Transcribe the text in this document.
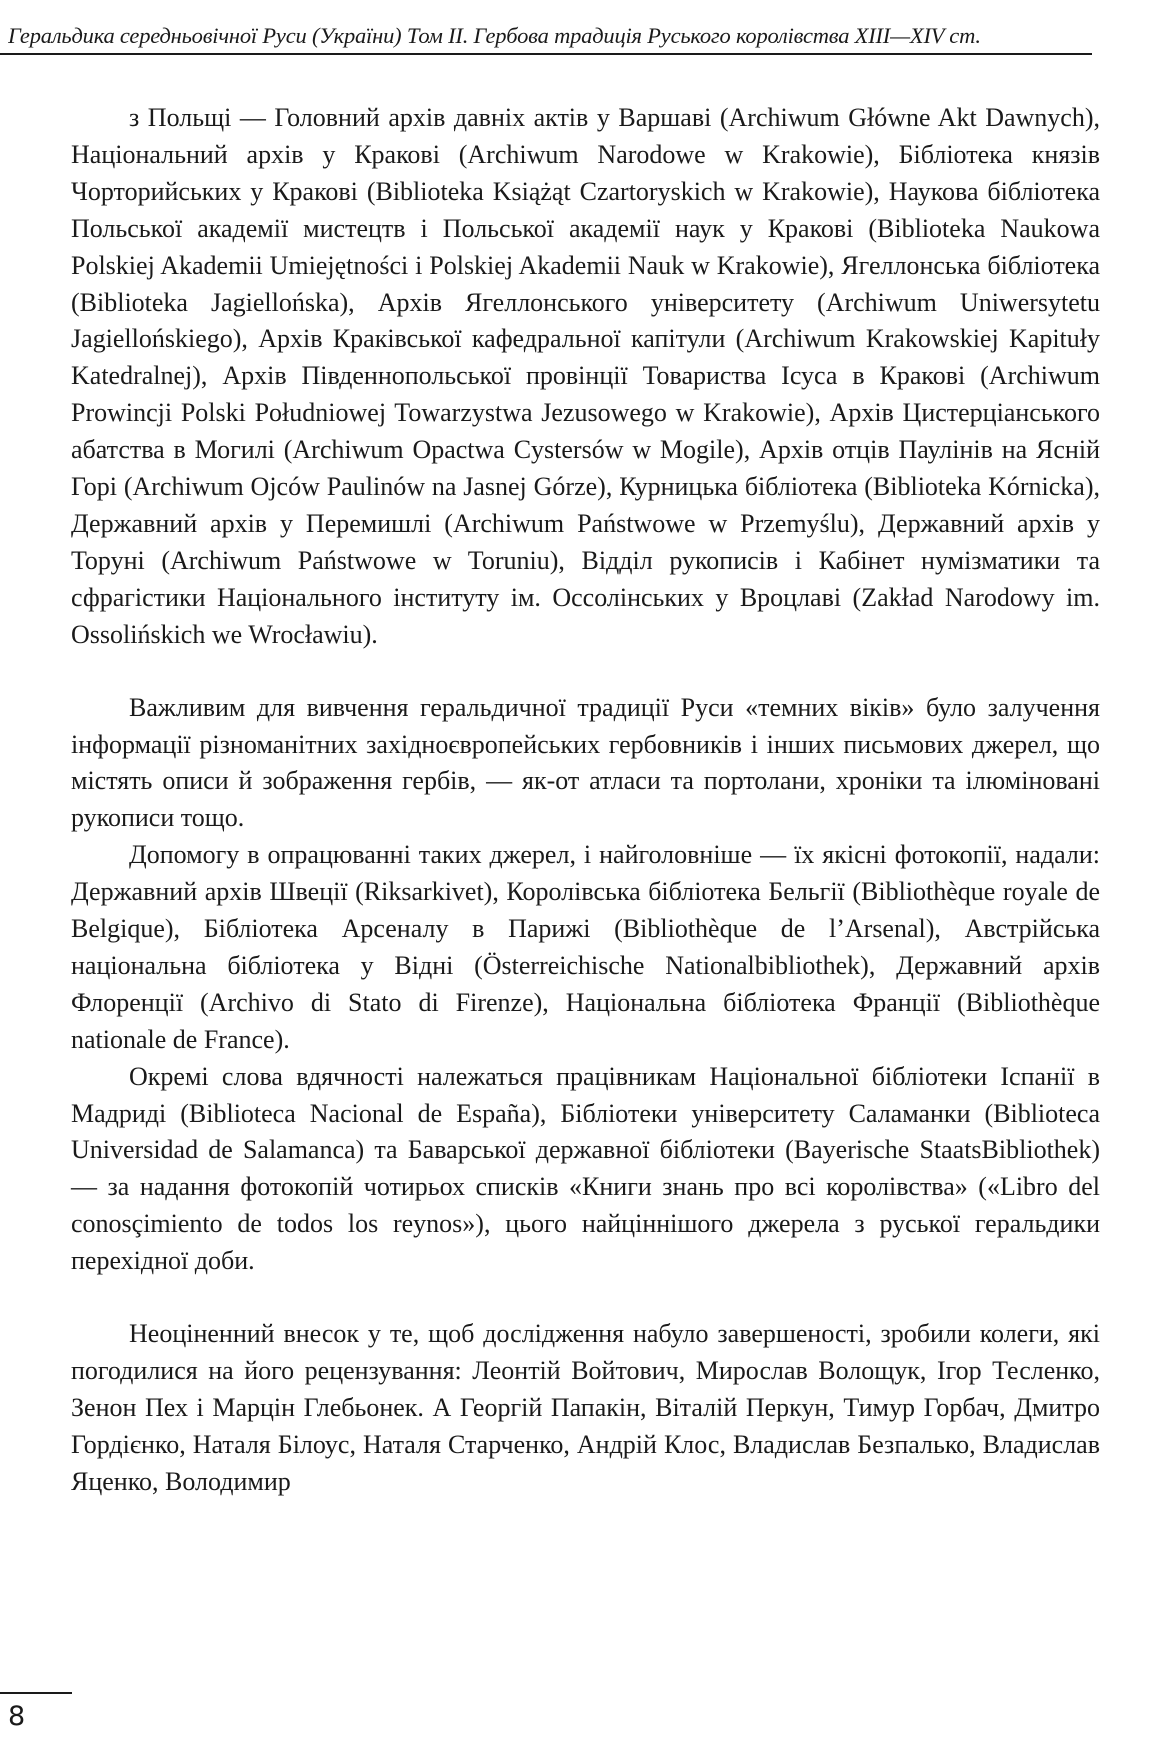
Геральдика середньовічної Руси (України) Том ІІ. Гербова традиція Руського королівства XIII—XIV ст.

з Польщі — Головний архів давніх актів у Варшаві (Archiwum Główne Akt Dawnych), Національний архів у Кракові (Archiwum Narodowe w Krakowie), Бібліотека князів Чорторийських у Кракові (Biblioteka Książąt Czartoryskich w Krakowie), Наукова бібліотека Польської академії мистецтв і Польської академії наук у Кракові (Biblioteka Naukowa Polskiej Akademii Umiejętności i Polskiej Akademii Nauk w Krakowie), Ягеллонська бібліотека (Biblioteka Jagiellońska), Архів Ягеллонського університету (Archiwum Uniwersytetu Jagiellońskiego), Архів Краківської кафедральної капітули (Archiwum Krakowskiej Kapituły Katedralnej), Архів Південнопольської провінції Товариства Ісуса в Кракові (Archiwum Prowincji Polski Południowej Towarzystwa Jezusowego w Krakowie), Архів Цистерціанського абатства в Могилі (Archiwum Opactwa Cystersów w Mogile), Архів отців Паулінів на Ясній Горі (Archiwum Ojców Paulinów na Jasnej Górze), Курницька бібліотека (Biblioteka Kórnicka), Державний архів у Перемишлі (Archiwum Państwowe w Przemyślu), Державний архів у Торуні (Archiwum Państwowe w Toruniu), Відділ рукописів і Кабінет нумізматики та сфрагістики Національного інституту ім. Оссолінських у Вроцлаві (Zakład Narodowy im. Ossolińskich we Wrocławiu).

Важливим для вивчення геральдичної традиції Руси «темних віків» було залучення інформації різноманітних західноєвропейських гербовників і інших письмових джерел, що містять описи й зображення гербів, — як-от атласи та портолани, хроніки та ілюміновані рукописи тощо.

Допомогу в опрацюванні таких джерел, і найголовніше — їх якісні фотокопії, надали: Державний архів Швеції (Riksarkivet), Королівська бібліотека Бельгії (Bibliothèque royale de Belgique), Бібліотека Арсеналу в Парижі (Bibliothèque de l’Arsenal), Австрійська національна бібліотека у Відні (Österreichische Nationalbibliothek), Державний архів Флоренції (Archivo di Stato di Firenze), Національна бібліотека Франції (Bibliothèque nationale de France).

Окремі слова вдячності належаться працівникам Національної бібліотеки Іспанії в Мадриді (Biblioteca Nacional de España), Бібліотеки університету Саламанки (Biblioteca Universidad de Salamanca) та Баварської державної бібліотеки (Bayerische StaatsBibliothek) — за надання фотокопій чотирьох списків «Книги знань про всі королівства» («Libro del conosçimiento de todos los reynos»), цього найціннішого джерела з руської геральдики перехідної доби.

Неоціненний внесок у те, щоб дослідження набуло завершеності, зробили колеги, які погодилися на його рецензування: Леонтій Войтович, Мирослав Волощук, Ігор Тесленко, Зенон Пех і Марцін Глебьонек. А Георгій Папакін, Віталій Перкун, Тимур Горбач, Дмитро Гордієнко, Наталя Білоус, Наталя Старченко, Андрій Клос, Владислав Безпалько, Владислав Яценко, Володимир

8
